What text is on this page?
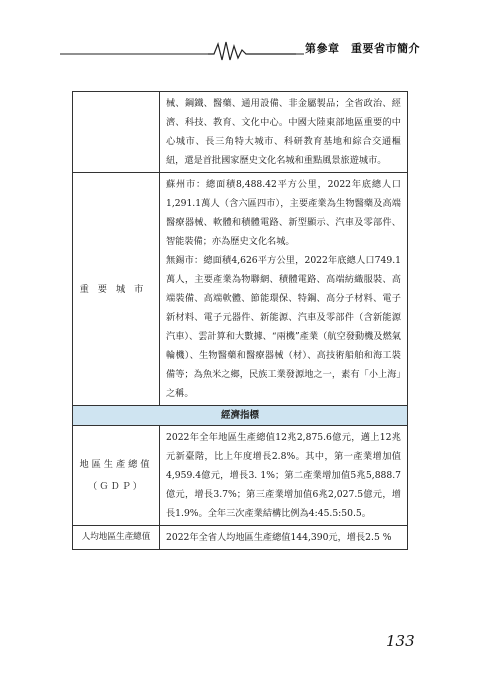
第參章　重要省市簡介
	械、鋼鐵、醫藥、通用設備、非金屬製品；全省政治、經濟、科技、教育、文化中心。中國大陸東部地區重要的中心城市、長三角特大城市、科研教育基地和綜合交通樞紐，還是首批國家歷史文化名城和重點風景旅遊城市。
重要城市	蘇州市：總面積8,488.42平方公里，2022年底總人口1,291.1萬人（含六區四市），主要產業為生物醫藥及高端醫療器械、軟體和積體電路、新型顯示、汽車及零部件、智能裝備；亦為歷史文化名城。

無錫市：總面積4,626平方公里，2022年底總人口749.1萬人，主要產業為物聯網、積體電路、高端紡織服裝、高端裝備、高端軟體、節能環保、特鋼、高分子材料、電子新材料、電子元器件、新能源、汽車及零部件（含新能源汽車）、雲計算和大數據、“兩機”產業（航空發動機及燃氣輪機）、生物醫藥和醫療器械（材）、高技術船舶和海工裝備等；為魚米之鄉，民族工業發源地之一，素有「小上海」之稱。

經濟指標	

地區生產總值
（ＧＤＰ）	2022年全年地區生產總值12兆2,875.6億元，邁上12兆元新臺階，比上年度增長2.8%。其中，第一產業增加值4,959.4億元，增長3. 1%；第二產業增加值5兆5,888.7億元，增長3.7%；第三產業增加值6兆2,027.5億元，增長1.9%。全年三次產業結構比例為4:45.5:50.5。
人均地區生產總值	2022年全省人均地區生產總值144,390元，增長2.5 %
133
